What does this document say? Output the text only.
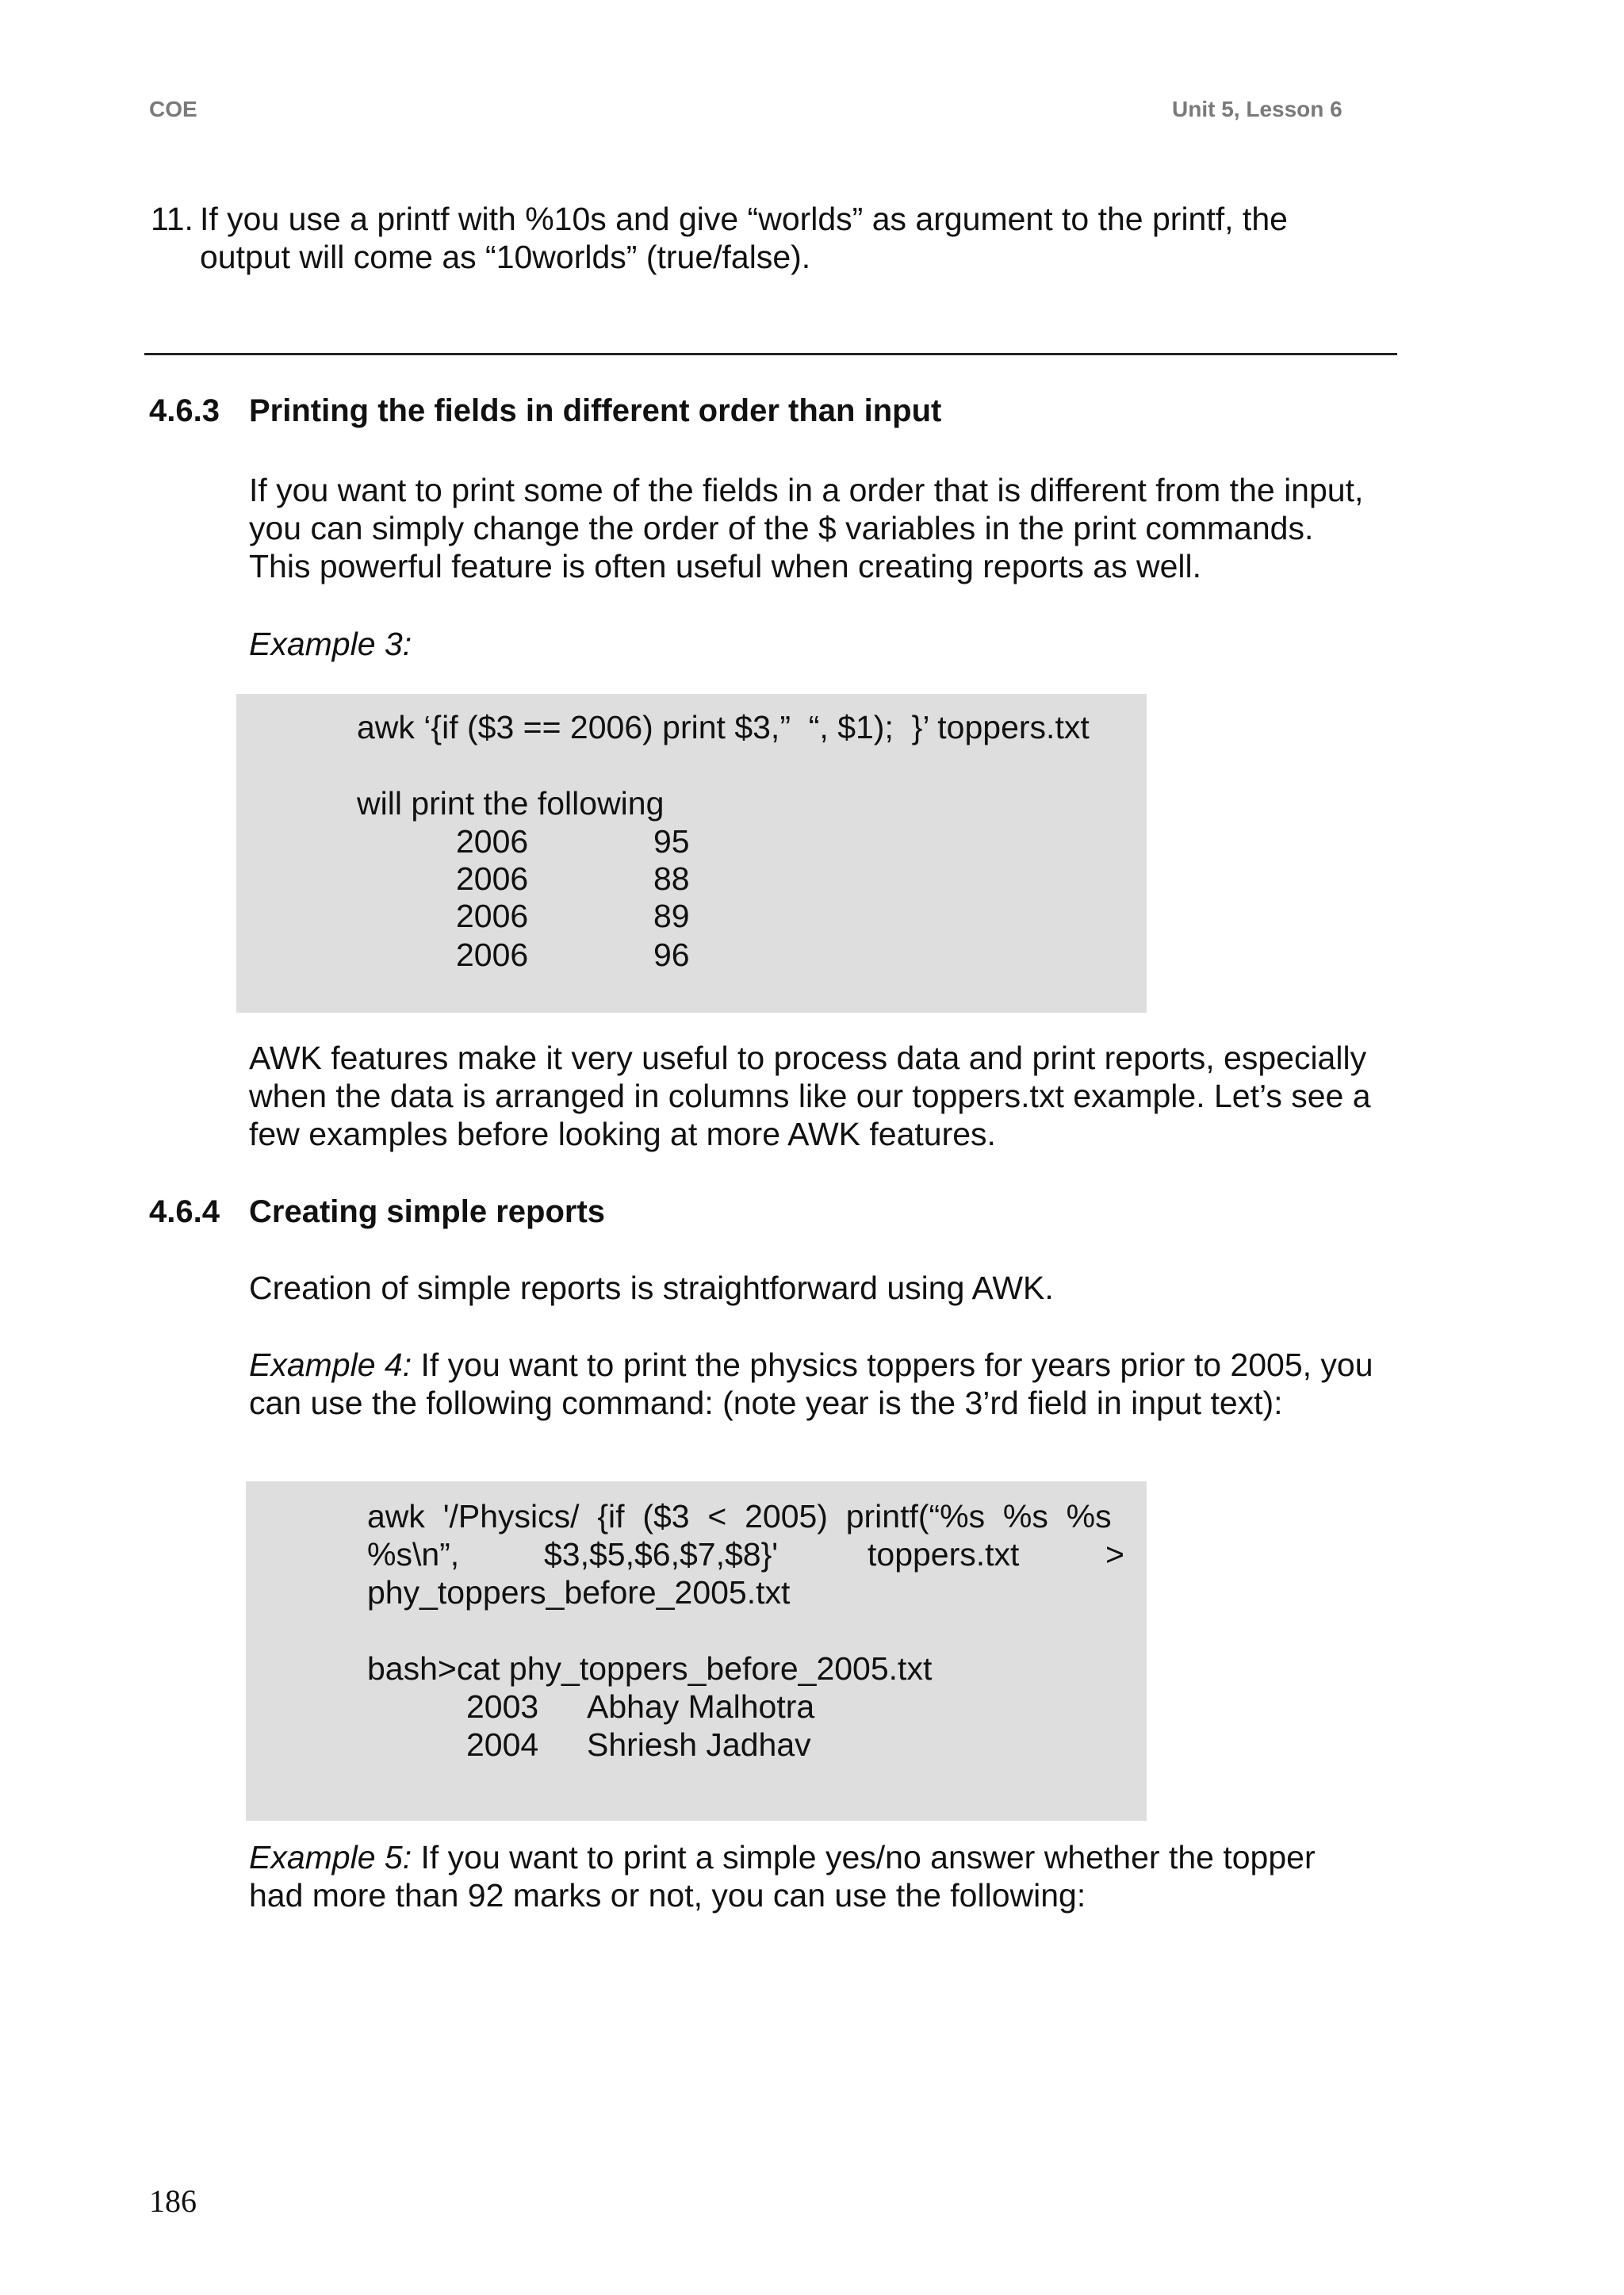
COE	Unit 5, Lesson 6
11. If you use a printf with %10s and give “worlds” as argument to the printf, the
output will come as “10worlds” (true/false).
4.6.3 Printing the fields in different order than input
If you want to print some of the fields in a order that is different from the input,
you can simply change the order of the $ variables in the print commands.
This powerful feature is often useful when creating reports as well.
Example 3:
awk ‘{if ($3 == 2006) print $3,”  “, $1);  }’ toppers.txt
will print the following
2006	95
2006	88
2006	89
2006	96
AWK features make it very useful to process data and print reports, especially
when the data is arranged in columns like our toppers.txt example. Let’s see a
few examples before looking at more AWK features.
4.6.4 Creating simple reports
Creation of simple reports is straightforward using AWK.
Example 4: If you want to print the physics toppers for years prior to 2005, you
can use the following command: (note year is the 3’rd field in input text):
awk  '/Physics/  {if  ($3  <  2005)  printf(“%s  %s  %s
%s\n”,	$3,$5,$6,$7,$8}'	toppers.txt	>
phy_toppers_before_2005.txt
bash>cat phy_toppers_before_2005.txt
2003 Abhay Malhotra
2004 Shriesh Jadhav
Example 5: If you want to print a simple yes/no answer whether the topper
had more than 92 marks or not, you can use the following:
186
